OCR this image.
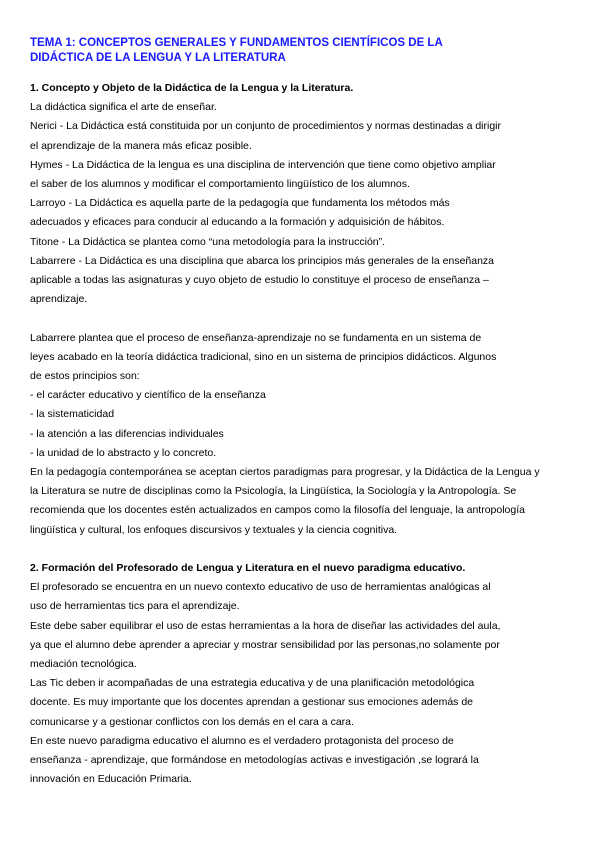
TEMA 1: CONCEPTOS GENERALES Y FUNDAMENTOS CIENTÍFICOS DE LA
DIDÁCTICA DE LA LENGUA Y LA LITERATURA

1. Concepto y Objeto de la Didáctica de la Lengua y la Literatura.

La didáctica significa el arte de enseñar.

Nerici - La Didáctica está constituida por un conjunto de procedimientos y normas destinadas a dirigir

el aprendizaje de la manera más eficaz posible.

Hymes - La Didáctica de la lengua es una disciplina de intervención que tiene como objetivo ampliar

el saber de los alumnos y modificar el comportamiento lingüístico de los alumnos.

Larroyo - La Didáctica es aquella parte de la pedagogía que fundamenta los métodos más

adecuados y eficaces para conducir al educando a la formación y adquisición de hábitos.

Titone - La Didáctica se plantea como “una metodología para la instrucción”.

Labarrere - La Didáctica es una disciplina que abarca los principios más generales de la enseñanza

aplicable a todas las asignaturas y cuyo objeto de estudio lo constituye el proceso de enseñanza –

aprendizaje.

Labarrere plantea que el proceso de enseñanza-aprendizaje no se fundamenta en un sistema de

leyes acabado en la teoría didáctica tradicional, sino en un sistema de principios didácticos. Algunos

de estos principios son:

- el carácter educativo y científico de la enseñanza

- la sistematicidad

- la atención a las diferencias individuales

- la unidad de lo abstracto y lo concreto.

En la pedagogía contemporánea se aceptan ciertos paradigmas para progresar, y la Didáctica de la Lengua y

la Literatura se nutre de disciplinas como la Psicología, la Lingüística, la Sociología y la Antropología. Se

recomienda que los docentes estén actualizados en campos como la filosofía del lenguaje, la antropología

lingüística y cultural, los enfoques discursivos y textuales y la ciencia cognitiva.

2. Formación del Profesorado de Lengua y Literatura en el nuevo paradigma educativo.

El profesorado se encuentra en un nuevo contexto educativo de uso de herramientas analógicas al

uso de herramientas tics para el aprendizaje.

Este debe saber equilibrar el uso de estas herramientas a la hora de diseñar las actividades del aula,

ya que el alumno debe aprender a apreciar y mostrar sensibilidad por las personas,no solamente por

mediación tecnológica.

Las Tic deben ir acompañadas de una estrategia educativa y de una planificación metodológica

docente. Es muy importante que los docentes aprendan a gestionar sus emociones además de

comunicarse y a gestionar conflictos con los demás en el cara a cara.

En este nuevo paradigma educativo el alumno es el verdadero protagonista del proceso de

enseñanza - aprendizaje, que formándose en metodologías activas e investigación ,se logrará la

innovación en Educación Primaria.
